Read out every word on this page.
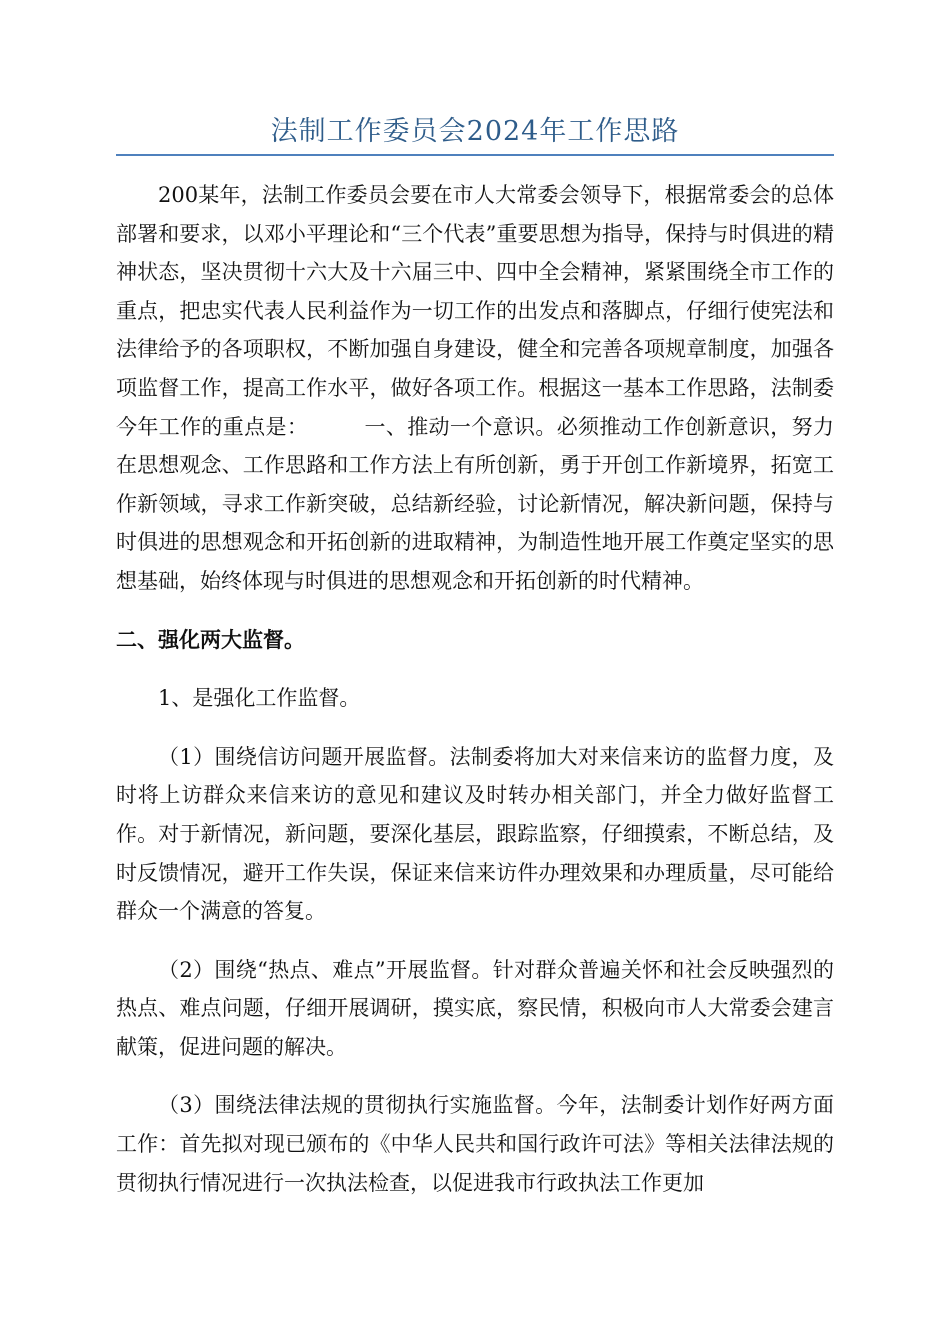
法制工作委员会2024年工作思路

200某年，法制工作委员会要在市人大常委会领导下，根据常委会的总体部署和要求，以邓小平理论和“三个代表”重要思想为指导，保持与时俱进的精神状态，坚决贯彻十六大及十六届三中、四中全会精神，紧紧围绕全市工作的重点，把忠实代表人民利益作为一切工作的出发点和落脚点，仔细行使宪法和法律给予的各项职权，不断加强自身建设，健全和完善各项规章制度，加强各项监督工作，提高工作水平，做好各项工作。根据这一基本工作思路，法制委今年工作的重点是：	一、推动一个意识。必须推动工作创新意识，努力在思想观念、工作思路和工作方法上有所创新，勇于开创工作新境界，拓宽工作新领域，寻求工作新突破，总结新经验，讨论新情况，解决新问题，保持与时俱进的思想观念和开拓创新的进取精神，为制造性地开展工作奠定坚实的思想基础，始终体现与时俱进的思想观念和开拓创新的时代精神。

二、强化两大监督。

1、是强化工作监督。

（1）围绕信访问题开展监督。法制委将加大对来信来访的监督力度，及时将上访群众来信来访的意见和建议及时转办相关部门，并全力做好监督工作。对于新情况，新问题，要深化基层，跟踪监察，仔细摸索，不断总结，及时反馈情况，避开工作失误，保证来信来访件办理效果和办理质量，尽可能给群众一个满意的答复。

（2）围绕“热点、难点”开展监督。针对群众普遍关怀和社会反映强烈的热点、难点问题，仔细开展调研，摸实底，察民情，积极向市人大常委会建言献策，促进问题的解决。

（3）围绕法律法规的贯彻执行实施监督。今年，法制委计划作好两方面工作：首先拟对现已颁布的《中华人民共和国行政许可法》等相关法律法规的贯彻执行情况进行一次执法检查，以促进我市行政执法工作更加
